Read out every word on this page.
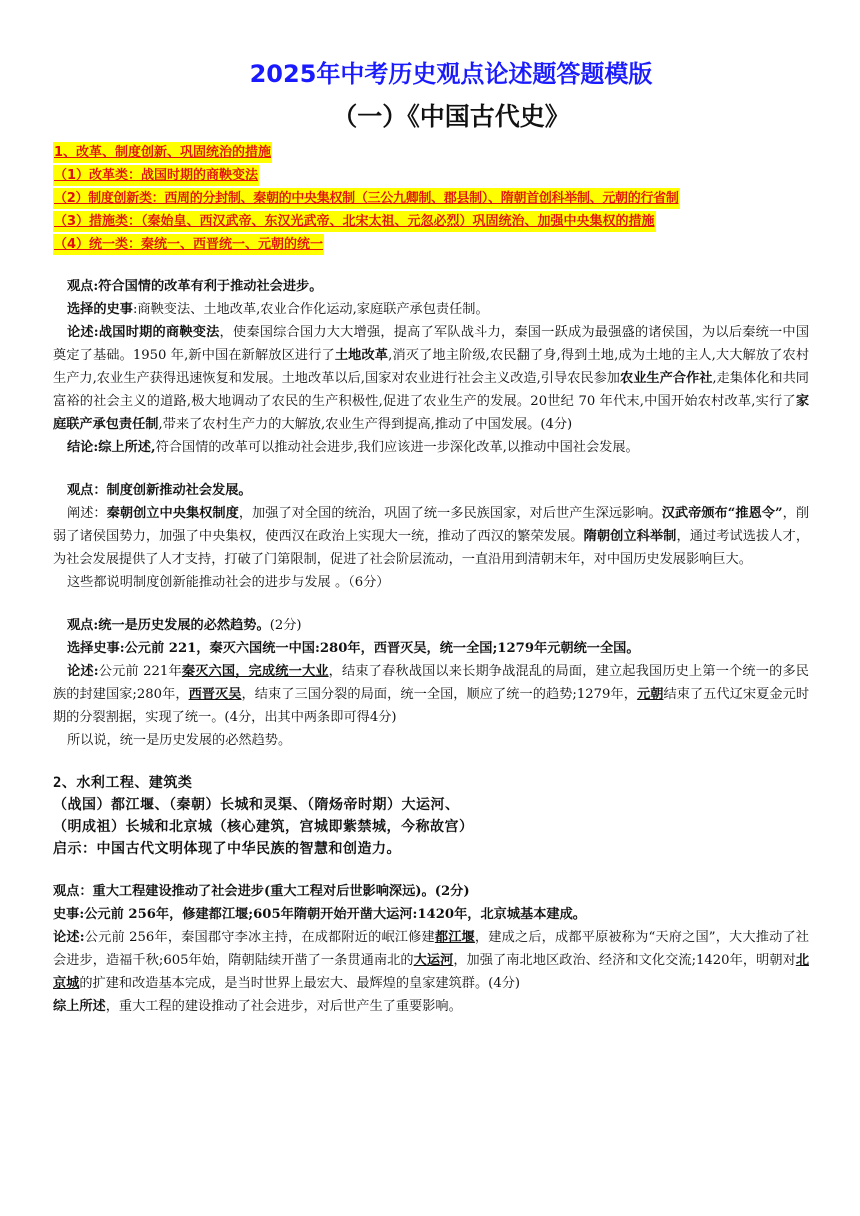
2025年中考历史观点论述题答题模版
（一）《中国古代史》
1、改革、制度创新、巩固统治的措施
（1）改革类：战国时期的商鞅变法
（2）制度创新类：西周的分封制、秦朝的中央集权制（三公九卿制、郡县制）、隋朝首创科举制、元朝的行省制
（3）措施类：（秦始皇、西汉武帝、东汉光武帝、北宋太祖、元忽必烈）巩固统治、加强中央集权的措施
（4）统一类：秦统一、西晋统一、元朝的统一

观点:符合国情的改革有利于推动社会进步。

选择的史事:商鞅变法、土地改革,农业合作化运动,家庭联产承包责任制。

论述:战国时期的商鞅变法，使秦国综合国力大大增强，提高了军队战斗力，秦国一跃成为最强盛的诸侯国，为以后秦统一中国奠定了基础。1950 年,新中国在新解放区进行了土地改革,消灭了地主阶级,农民翻了身,得到土地,成为土地的主人,大大解放了农村生产力,农业生产获得迅速恢复和发展。土地改革以后,国家对农业进行社会主义改造,引导农民参加农业生产合作社,走集体化和共同富裕的社会主义的道路,极大地调动了农民的生产积极性,促进了农业生产的发展。20世纪 70 年代末,中国开始农村改革,实行了家庭联产承包责任制,带来了农村生产力的大解放,农业生产得到提高,推动了中国发展。(4分)

结论:综上所述,符合国情的改革可以推动社会进步,我们应该进一步深化改革,以推动中国社会发展。

观点：制度创新推动社会发展。

阐述：秦朝创立中央集权制度，加强了对全国的统治，巩固了统一多民族国家，对后世产生深远影响。汉武帝颁布“推恩令”，削弱了诸侯国势力，加强了中央集权，使西汉在政治上实现大一统，推动了西汉的繁荣发展。隋朝创立科举制，通过考试选拔人才，为社会发展提供了人才支持，打破了门第限制，促进了社会阶层流动，一直沿用到清朝末年，对中国历史发展影响巨大。

这些都说明制度创新能推动社会的进步与发展 。（6分）

观点:统一是历史发展的必然趋势。(2分)

选择史事:公元前 221，秦灭六国统一中国:280年，西晋灭吴，统一全国;1279年元朝统一全国。

论述:公元前 221年秦灭六国，完成统一大业，结束了春秋战国以来长期争战混乱的局面，建立起我国历史上第一个统一的多民族的封建国家;280年，西晋灭吴，结束了三国分裂的局面，统一全国，顺应了统一的趋势;1279年，元朝结束了五代辽宋夏金元时期的分裂割据，实现了统一。(4分，出其中两条即可得4分)

所以说，统一是历史发展的必然趋势。

2、水利工程、建筑类
（战国）都江堰、（秦朝）长城和灵渠、（隋炀帝时期）大运河、
（明成祖）长城和北京城（核心建筑，宫城即紫禁城，今称故宫）
启示：中国古代文明体现了中华民族的智慧和创造力。

观点：重大工程建设推动了社会进步(重大工程对后世影响深远)。(2分)

史事:公元前 256年，修建都江堰;605年隋朝开始开凿大运河:1420年，北京城基本建成。

论述:公元前 256年，秦国郡守李冰主持，在成都附近的岷江修建都江堰，建成之后，成都平原被称为“天府之国”，大大推动了社会进步，造福千秋;605年始，隋朝陆续开凿了一条贯通南北的大运河，加强了南北地区政治、经济和文化交流;1420年，明朝对北京城的扩建和改造基本完成，是当时世界上最宏大、最辉煌的皇家建筑群。(4分)

综上所述，重大工程的建设推动了社会进步，对后世产生了重要影响。
